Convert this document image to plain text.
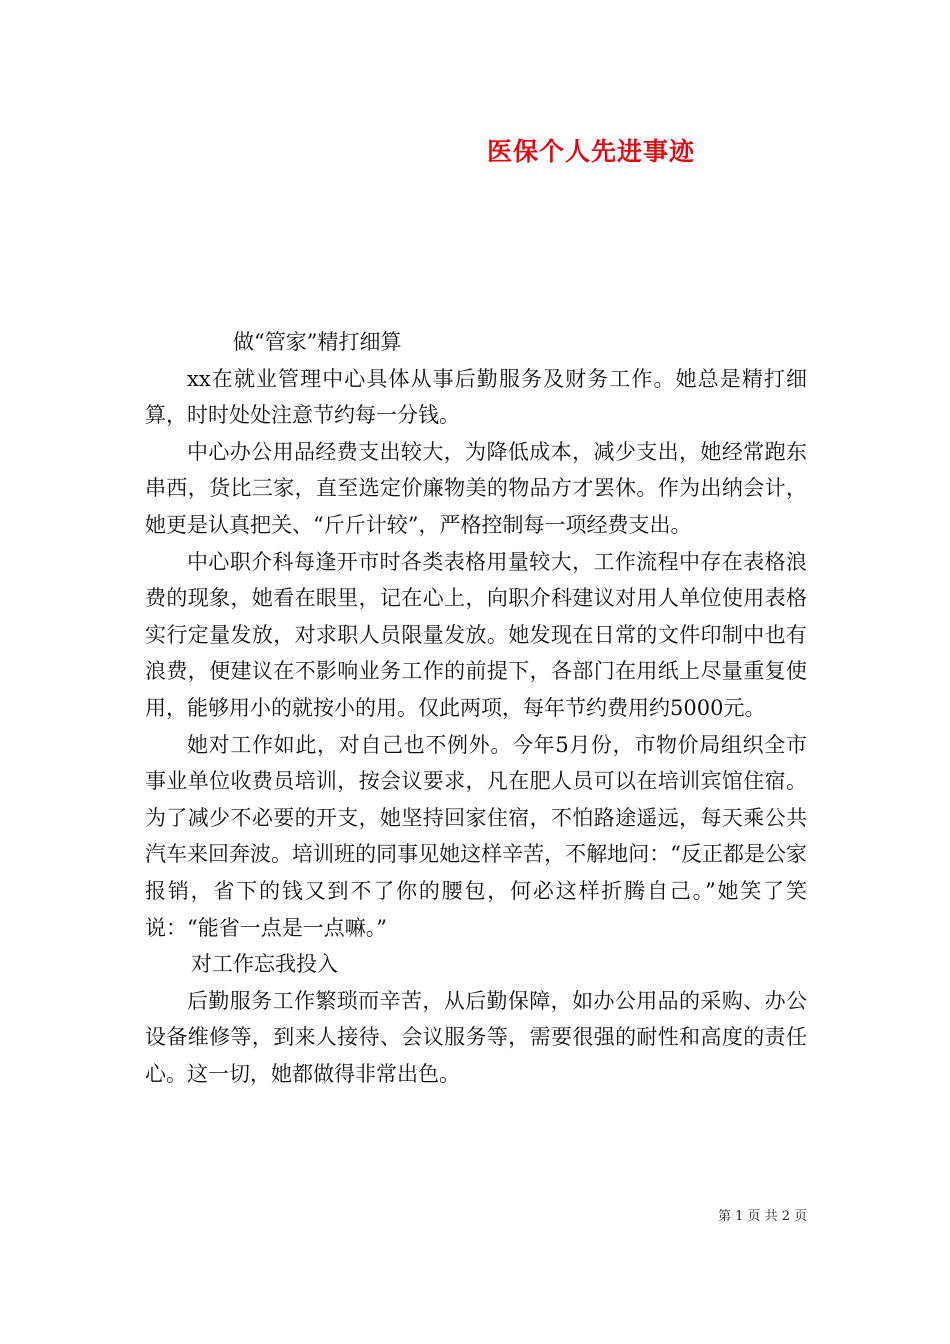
医保个人先进事迹

做“管家”精打细算

xx在就业管理中心具体从事后勤服务及财务工作。她总是精打细算，时时处处注意节约每一分钱。

中心办公用品经费支出较大，为降低成本，减少支出，她经常跑东串西，货比三家，直至选定价廉物美的物品方才罢休。作为出纳会计，她更是认真把关、“斤斤计较”，严格控制每一项经费支出。

中心职介科每逢开市时各类表格用量较大，工作流程中存在表格浪费的现象，她看在眼里，记在心上，向职介科建议对用人单位使用表格实行定量发放，对求职人员限量发放。她发现在日常的文件印制中也有浪费，便建议在不影响业务工作的前提下，各部门在用纸上尽量重复使用，能够用小的就按小的用。仅此两项，每年节约费用约5000元。

她对工作如此，对自己也不例外。今年5月份，市物价局组织全市事业单位收费员培训，按会议要求，凡在肥人员可以在培训宾馆住宿。为了减少不必要的开支，她坚持回家住宿，不怕路途遥远，每天乘公共汽车来回奔波。培训班的同事见她这样辛苦，不解地问：“反正都是公家报销，省下的钱又到不了你的腰包，何必这样折腾自己。”她笑了笑说：“能省一点是一点嘛。”

对工作忘我投入

后勤服务工作繁琐而辛苦，从后勤保障，如办公用品的采购、办公设备维修等，到来人接待、会议服务等，需要很强的耐性和高度的责任心。这一切，她都做得非常出色。

第 1 页 共 2 页
